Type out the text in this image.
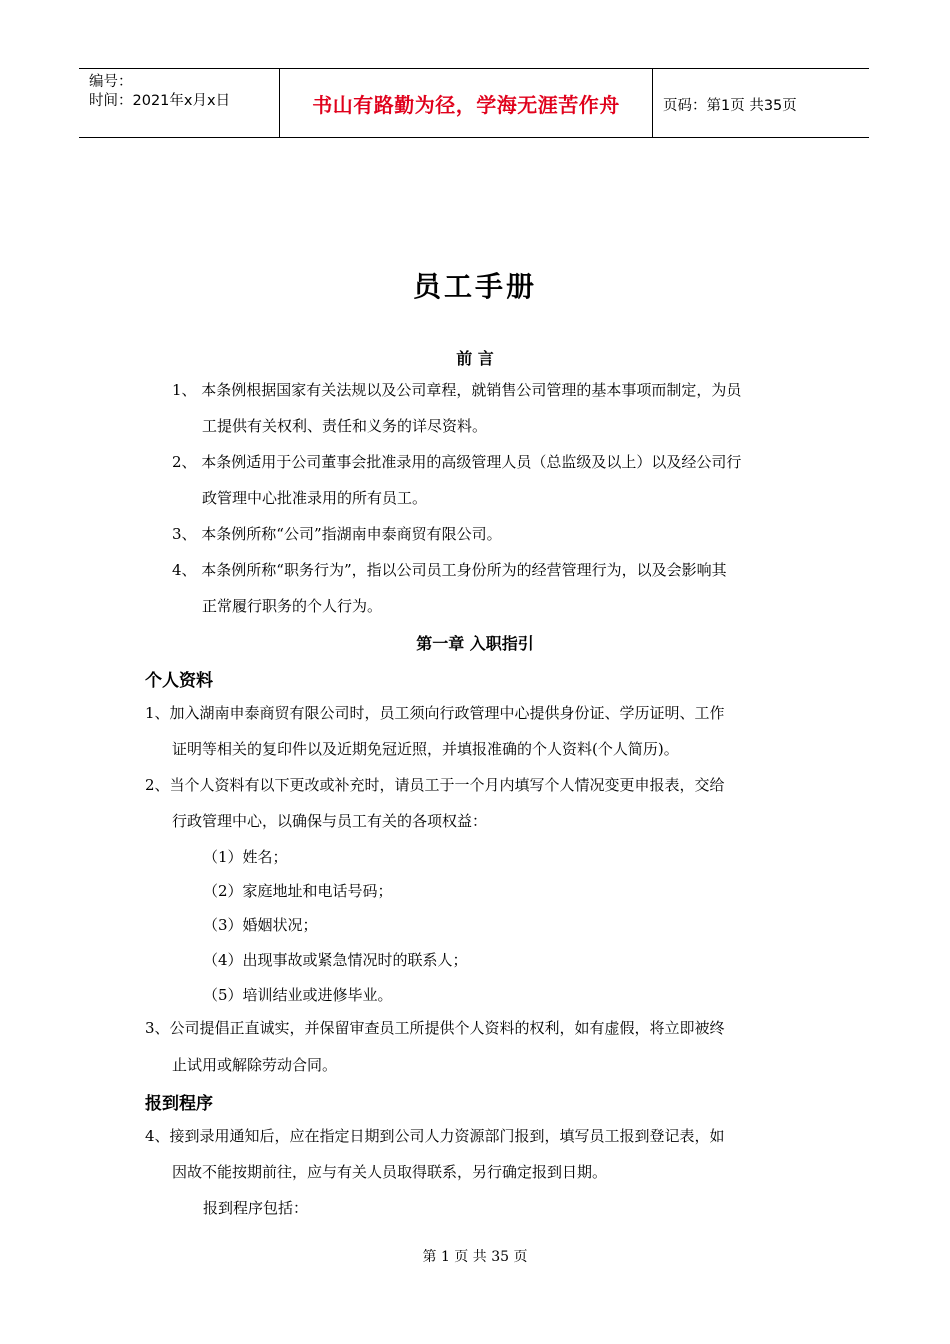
编号：
时间：2021年x月x日	书山有路勤为径，学海无涯苦作舟	页码：第1页 共35页
员工手册
前 言
1、 本条例根据国家有关法规以及公司章程，就销售公司管理的基本事项而制定，为员
工提供有关权利、责任和义务的详尽资料。
2、 本条例适用于公司董事会批准录用的高级管理人员（总监级及以上）以及经公司行
政管理中心批准录用的所有员工。
3、 本条例所称“公司”指湖南申泰商贸有限公司。
4、 本条例所称“职务行为”，指以公司员工身份所为的经营管理行为，以及会影响其
正常履行职务的个人行为。
第一章 入职指引
个人资料
1、加入湖南申泰商贸有限公司时，员工须向行政管理中心提供身份证、学历证明、工作
证明等相关的复印件以及近期免冠近照，并填报准确的个人资料(个人简历)。
2、当个人资料有以下更改或补充时，请员工于一个月内填写个人情况变更申报表，交给
行政管理中心，以确保与员工有关的各项权益：
（1）姓名；
（2）家庭地址和电话号码；
（3）婚姻状况；
（4）出现事故或紧急情况时的联系人；
（5）培训结业或进修毕业。
3、公司提倡正直诚实，并保留审查员工所提供个人资料的权利，如有虚假，将立即被终
止试用或解除劳动合同。
报到程序
4、接到录用通知后，应在指定日期到公司人力资源部门报到，填写员工报到登记表，如
因故不能按期前往，应与有关人员取得联系，另行确定报到日期。
报到程序包括：
第 1 页 共 35 页
